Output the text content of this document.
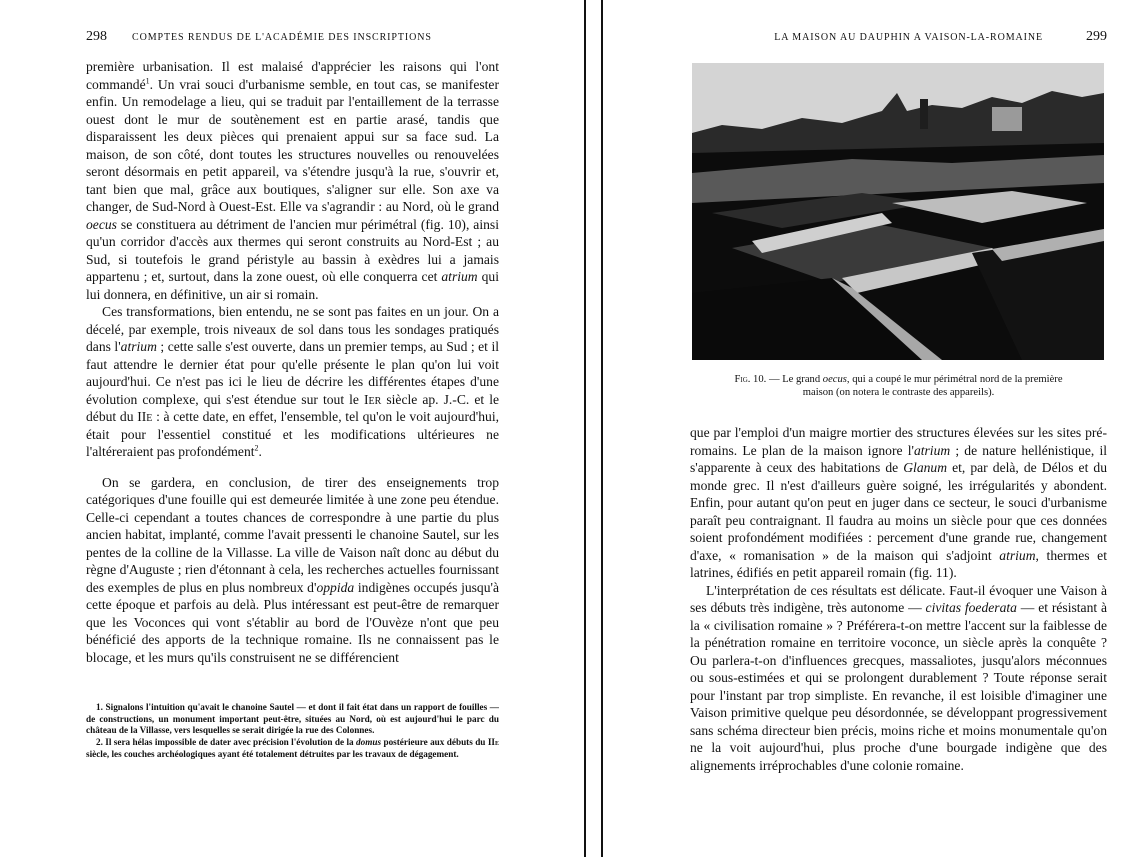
298	COMPTES RENDUS DE L'ACADÉMIE DES INSCRIPTIONS

première urbanisation. Il est malaisé d'apprécier les raisons qui l'ont commandé$^1$. Un vrai souci d'urbanisme semble, en tout cas, se manifester enfin. Un remodelage a lieu, qui se traduit par l'entaillement de la terrasse ouest dont le mur de soutènement est en partie arasé, tandis que disparaissent les deux pièces qui prenaient appui sur sa face sud. La maison, de son côté, dont toutes les structures nouvelles ou renouvelées seront désormais en petit appareil, va s'étendre jusqu'à la rue, s'ouvrir et, tant bien que mal, grâce aux boutiques, s'aligner sur elle. Son axe va changer, de Sud-Nord à Ouest-Est. Elle va s'agrandir : au Nord, où le grand oecus se constituera au détriment de l'ancien mur périmétral (fig. 10), ainsi qu'un corridor d'accès aux thermes qui seront construits au Nord-Est ; au Sud, si toutefois le grand péristyle au bassin à exèdres lui a jamais appartenu ; et, surtout, dans la zone ouest, où elle conquerra cet atrium qui lui donnera, en définitive, un air si romain.

Ces transformations, bien entendu, ne se sont pas faites en un jour. On a décelé, par exemple, trois niveaux de sol dans tous les sondages pratiqués dans l'atrium ; cette salle s'est ouverte, dans un premier temps, au Sud ; et il faut attendre le dernier état pour qu'elle présente le plan qu'on lui voit aujourd'hui. Ce n'est pas ici le lieu de décrire les différentes étapes d'une évolution complexe, qui s'est étendue sur tout le Ier siècle ap. J.-C. et le début du IIe : à cette date, en effet, l'ensemble, tel qu'on le voit aujourd'hui, était pour l'essentiel constitué et les modifications ultérieures ne l'altéreraient pas profondément$^2$.

On se gardera, en conclusion, de tirer des enseignements trop catégoriques d'une fouille qui est demeurée limitée à une zone peu étendue. Celle-ci cependant a toutes chances de correspondre à une partie du plus ancien habitat, implanté, comme l'avait pressenti le chanoine Sautel, sur les pentes de la colline de la Villasse. La ville de Vaison naît donc au début du règne d'Auguste ; rien d'étonnant à cela, les recherches actuelles fournissant des exemples de plus en plus nombreux d'oppida indigènes occupés jusqu'à cette époque et parfois au delà. Plus intéressant est peut-être de remarquer que les Voconces qui vont s'établir au bord de l'Ouvèze n'ont que peu bénéficié des apports de la technique romaine. Ils ne connaissent pas le blocage, et les murs qu'ils construisent ne se différencient

1. Signalons l'intuition qu'avait le chanoine Sautel — et dont il fait état dans un rapport de fouilles — de constructions, un monument important peut-être, situées au Nord, où est aujourd'hui le parc du château de la Villasse, vers lesquelles se serait dirigée la rue des Colonnes.

2. Il sera hélas impossible de dater avec précision l'évolution de la domus postérieure aux débuts du IIe siècle, les couches archéologiques ayant été totalement détruites par les travaux de dégagement.

LA MAISON AU DAUPHIN A VAISON-LA-ROMAINE	299
Fig. 10. — Le grand oecus, qui a coupé le mur périmétral nord de la première maison (on notera le contraste des appareils).

que par l'emploi d'un maigre mortier des structures élevées sur les sites pré-romains. Le plan de la maison ignore l'atrium ; de nature hellénistique, il s'apparente à ceux des habitations de Glanum et, par delà, de Délos et du monde grec. Il n'est d'ailleurs guère soigné, les irrégularités y abondent. Enfin, pour autant qu'on peut en juger dans ce secteur, le souci d'urbanisme paraît peu contraignant. Il faudra au moins un siècle pour que ces données soient profondément modifiées : percement d'une grande rue, changement d'axe, « romanisation » de la maison qui s'adjoint atrium, thermes et latrines, édifiés en petit appareil romain (fig. 11).

L'interprétation de ces résultats est délicate. Faut-il évoquer une Vaison à ses débuts très indigène, très autonome — civitas foederata — et résistant à la « civilisation romaine » ? Préférera-t-on mettre l'accent sur la faiblesse de la pénétration romaine en territoire voconce, un siècle après la conquête ? Ou parlera-t-on d'influences grecques, massaliotes, jusqu'alors méconnues ou sous-estimées et qui se prolongent durablement ? Toute réponse serait pour l'instant par trop simpliste. En revanche, il est loisible d'imaginer une Vaison primitive quelque peu désordonnée, se développant progressivement sans schéma directeur bien précis, moins riche et moins monumentale qu'on ne la voit aujourd'hui, plus proche d'une bourgade indigène que des alignements irréprochables d'une colonie romaine.
